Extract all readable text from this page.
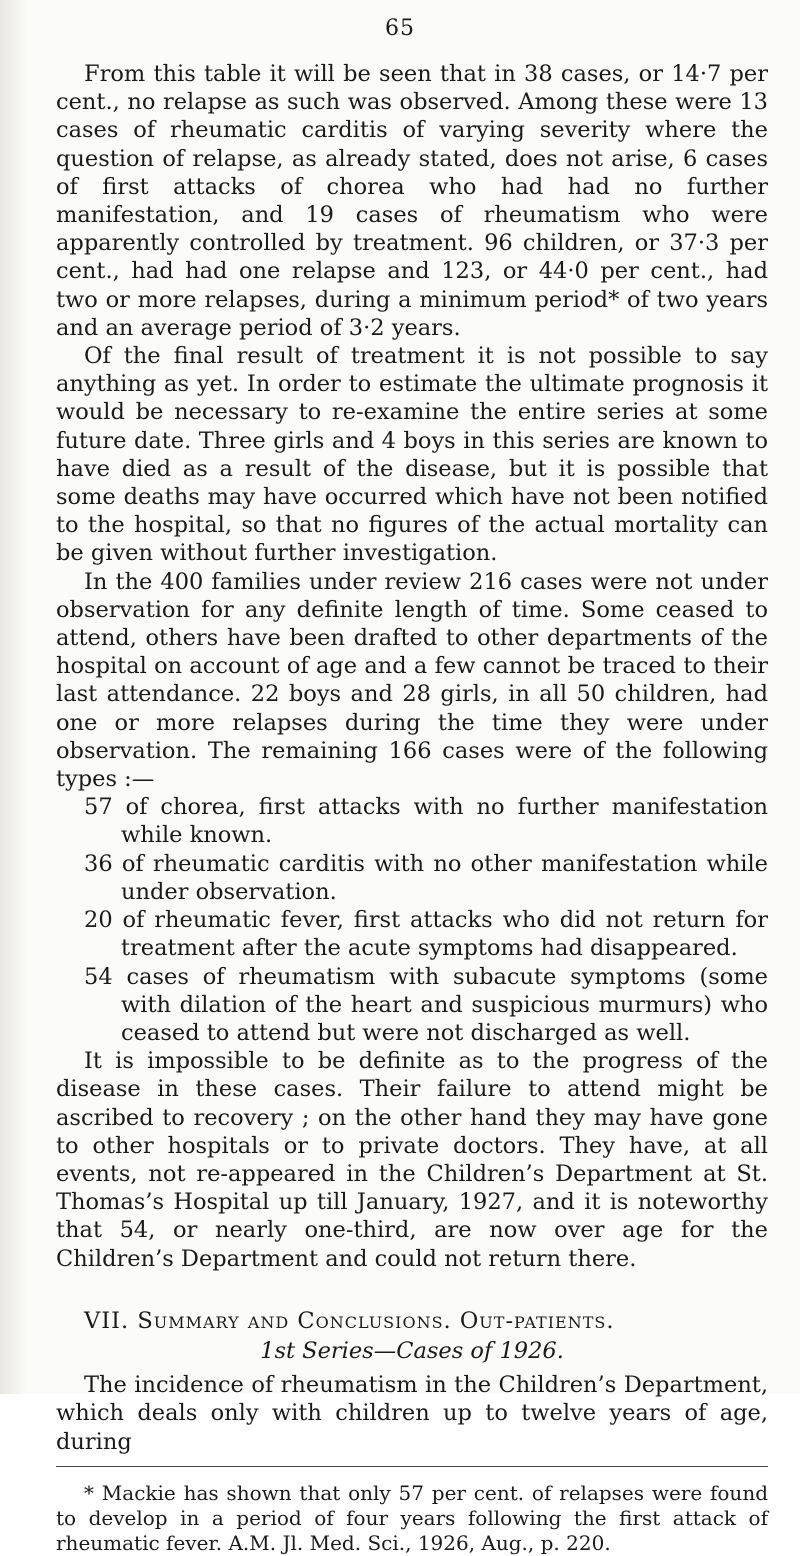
65

From this table it will be seen that in 38 cases, or 14·7 per cent., no relapse as such was observed. Among these were 13 cases of rheumatic carditis of varying severity where the question of relapse, as already stated, does not arise, 6 cases of first attacks of chorea who had had no further manifestation, and 19 cases of rheumatism who were apparently controlled by treatment. 96 children, or 37·3 per cent., had had one relapse and 123, or 44·0 per cent., had two or more relapses, during a minimum period* of two years and an average period of 3·2 years.

Of the final result of treatment it is not possible to say anything as yet. In order to estimate the ultimate prognosis it would be necessary to re-examine the entire series at some future date. Three girls and 4 boys in this series are known to have died as a result of the disease, but it is possible that some deaths may have occurred which have not been notified to the hospital, so that no figures of the actual mortality can be given without further investigation.

In the 400 families under review 216 cases were not under observation for any definite length of time. Some ceased to attend, others have been drafted to other departments of the hospital on account of age and a few cannot be traced to their last attendance. 22 boys and 28 girls, in all 50 children, had one or more relapses during the time they were under observation. The remaining 166 cases were of the following types :—

57 of chorea, first attacks with no further manifestation while known.

36 of rheumatic carditis with no other manifestation while under observation.

20 of rheumatic fever, first attacks who did not return for treatment after the acute symptoms had disappeared.

54 cases of rheumatism with subacute symptoms (some with dilation of the heart and suspicious murmurs) who ceased to attend but were not discharged as well.

It is impossible to be definite as to the progress of the disease in these cases. Their failure to attend might be ascribed to recovery ; on the other hand they may have gone to other hospitals or to private doctors. They have, at all events, not re-appeared in the Children’s Department at St. Thomas’s Hospital up till January, 1927, and it is noteworthy that 54, or nearly one-third, are now over age for the Children’s Department and could not return there.

VII. Summary and Conclusions. Out-patients.

1st Series—Cases of 1926.

The incidence of rheumatism in the Children’s Department, which deals only with children up to twelve years of age, during

* Mackie has shown that only 57 per cent. of relapses were found to develop in a period of four years following the first attack of rheumatic fever. A.M. Jl. Med. Sci., 1926, Aug., p. 220.
